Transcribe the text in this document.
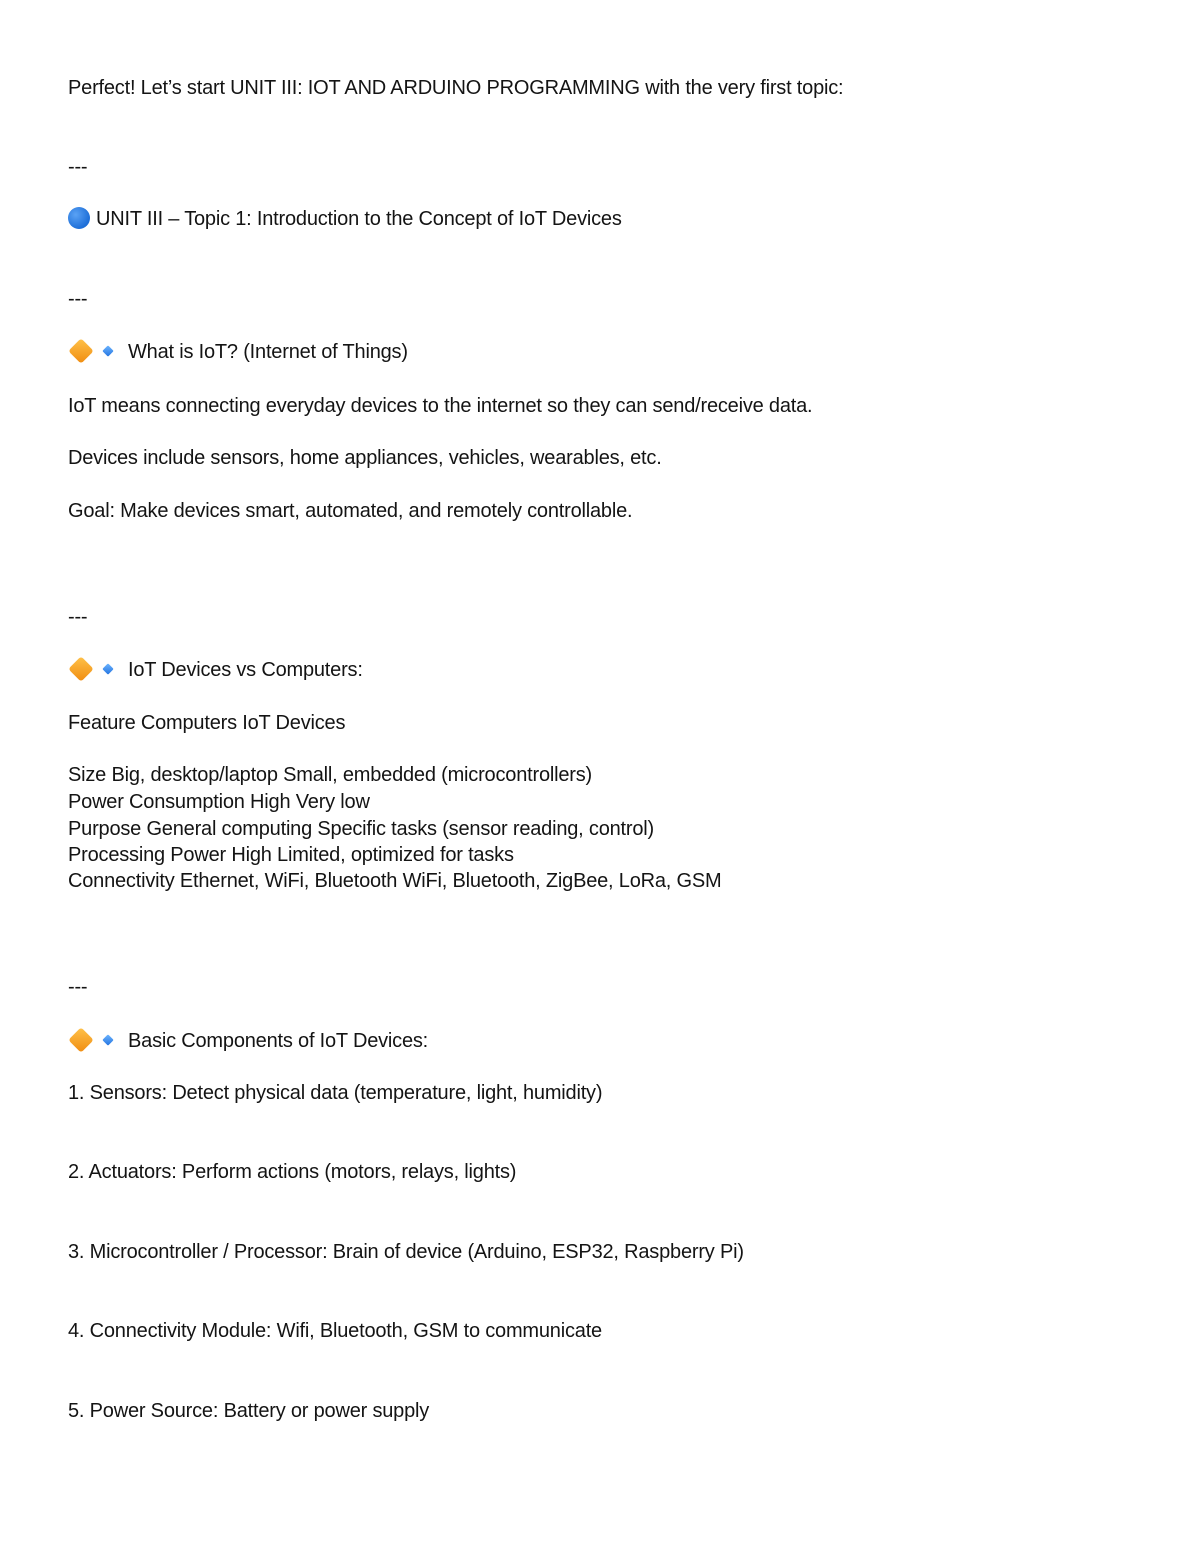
Perfect! Let’s start UNIT III: IOT AND ARDUINO PROGRAMMING with the very first topic:
---
UNIT III – Topic 1: Introduction to the Concept of IoT Devices
---
What is IoT? (Internet of Things)
IoT means connecting everyday devices to the internet so they can send/receive data.
Devices include sensors, home appliances, vehicles, wearables, etc.
Goal: Make devices smart, automated, and remotely controllable.
---
IoT Devices vs Computers:
Feature Computers IoT Devices
Size Big, desktop/laptop Small, embedded (microcontrollers)
Power Consumption High Very low
Purpose General computing Specific tasks (sensor reading, control)
Processing Power High Limited, optimized for tasks
Connectivity Ethernet, WiFi, Bluetooth WiFi, Bluetooth, ZigBee, LoRa, GSM
---
Basic Components of IoT Devices:
1. Sensors: Detect physical data (temperature, light, humidity)
2. Actuators: Perform actions (motors, relays, lights)
3. Microcontroller / Processor: Brain of device (Arduino, ESP32, Raspberry Pi)
4. Connectivity Module: Wifi, Bluetooth, GSM to communicate
5. Power Source: Battery or power supply
